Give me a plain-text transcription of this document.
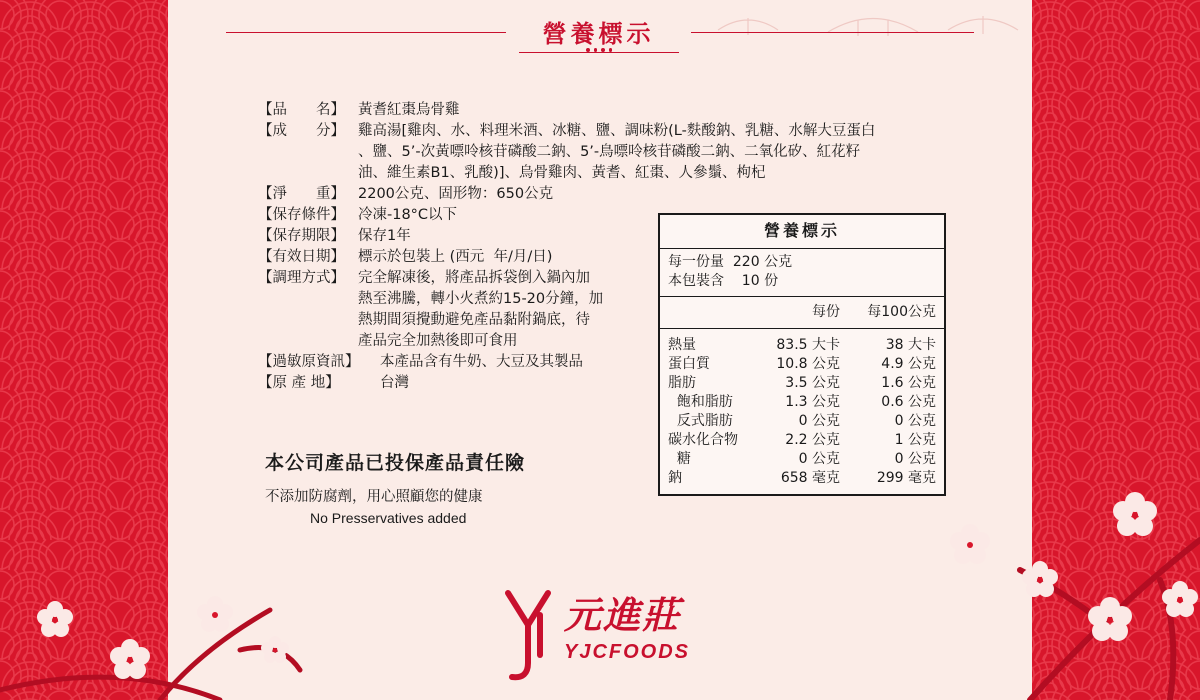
營養標示
【品　　名】 黃耆紅棗烏骨雞
【成　　分】 雞高湯[雞肉、水、料理米酒、冰糖、鹽、調味粉(L-麩酸鈉、乳糖、水解大豆蛋白
、鹽、5’-次黃嘌呤核苷磷酸二鈉、5’-鳥嘌呤核苷磷酸二鈉、二氧化矽、紅花籽
油、維生素B1、乳酸)]、烏骨雞肉、黃耆、紅棗、人參鬚、枸杞
【淨　　重】 2200公克、固形物：650公克
【保存條件】 冷凍-18°C以下
【保存期限】 保存1年
【有效日期】 標示於包裝上 (西元  年/月/日)
【調理方式】 完全解凍後，將產品拆袋倒入鍋內加
熱至沸騰，轉小火煮約15-20分鐘，加
熱期間須攪動避免產品黏附鍋底，待
產品完全加熱後即可食用
【過敏原資訊】	本產品含有牛奶、大豆及其製品
【原 產 地】	台灣
本公司產品已投保產品責任險
不添加防腐劑，用心照顧您的健康
No Presservatives added
營養標示
每一份量  220 公克
本包裝含    10 份
每份 每100公克
熱量	83.5 大卡	38 大卡
蛋白質	10.8 公克	4.9 公克
脂肪	3.5 公克	1.6 公克
飽和脂肪	1.3 公克	0.6 公克
反式脂肪	0 公克	0 公克
碳水化合物	2.2 公克	1 公克
糖	0 公克	0 公克
鈉	658 毫克	299 毫克
元進莊
YJCFOODS
